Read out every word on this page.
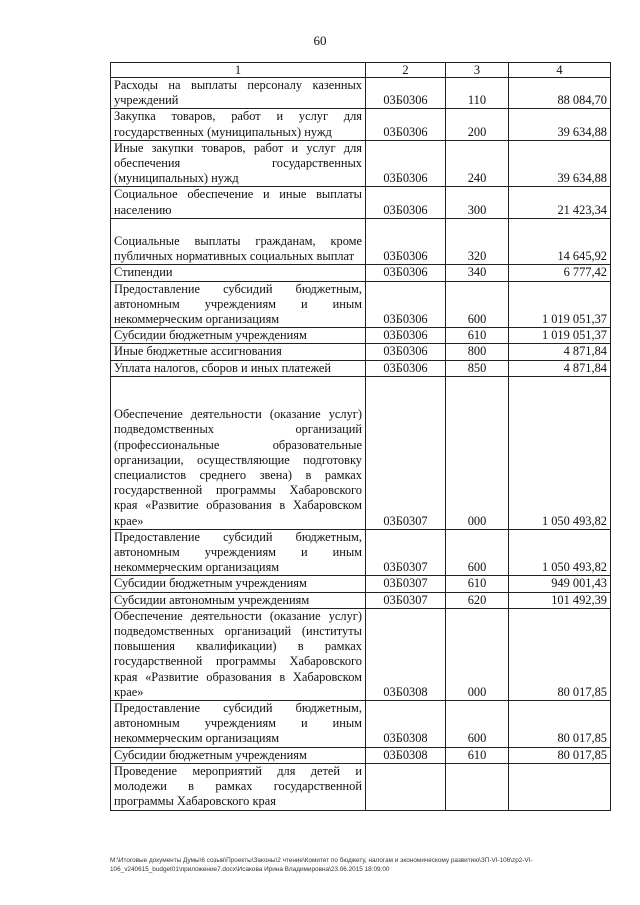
60
1	2	3	4
Расходы на выплаты персоналу казенных учреждений	03Б0306	110	88 084,70
Закупка товаров, работ и услуг для государственных (муниципальных) нужд	03Б0306	200	39 634,88
Иные закупки товаров, работ и услуг для обеспечения государственных (муниципальных) нужд	03Б0306	240	39 634,88
Социальное обеспечение и иные выплаты населению	03Б0306	300	21 423,34
Социальные выплаты гражданам, кроме публичных нормативных социальных выплат	03Б0306	320	14 645,92
Стипендии	03Б0306	340	6 777,42
Предоставление субсидий бюджетным, автономным учреждениям и иным некоммерческим организациям	03Б0306	600	1 019 051,37
Субсидии бюджетным учреждениям	03Б0306	610	1 019 051,37
Иные бюджетные ассигнования	03Б0306	800	4 871,84
Уплата налогов, сборов и иных платежей	03Б0306	850	4 871,84
Обеспечение деятельности (оказание услуг) подведомственных организаций (профессиональные образовательные организации, осуществляющие подготовку специалистов среднего звена) в рамках государственной программы Хабаровского края «Развитие образования в Хабаровском крае»	03Б0307	000	1 050 493,82
Предоставление субсидий бюджетным, автономным учреждениям и иным некоммерческим организациям	03Б0307	600	1 050 493,82
Субсидии бюджетным учреждениям	03Б0307	610	949 001,43
Субсидии автономным учреждениям	03Б0307	620	101 492,39
Обеспечение деятельности (оказание услуг) подведомственных организаций (институты повышения квалификации) в рамках государственной программы Хабаровского края «Развитие образования в Хабаровском крае»	03Б0308	000	80 017,85
Предоставление субсидий бюджетным, автономным учреждениям и иным некоммерческим организациям	03Б0308	600	80 017,85
Субсидии бюджетным учреждениям	03Б0308	610	80 017,85
Проведение мероприятий для детей и молодежи в рамках государственной программы Хабаровского края			
M:\Итоговые документы Думы\6 созыв\Проекты\Законы\2 чтение\Комитет по бюджету, налогам и экономическому развитию\ЗП-VI-106\zp2-VI-
106_v240615_budget01\приложение7.docx\Исакова Ирина Владимировна\23.06.2015 18:09:00
